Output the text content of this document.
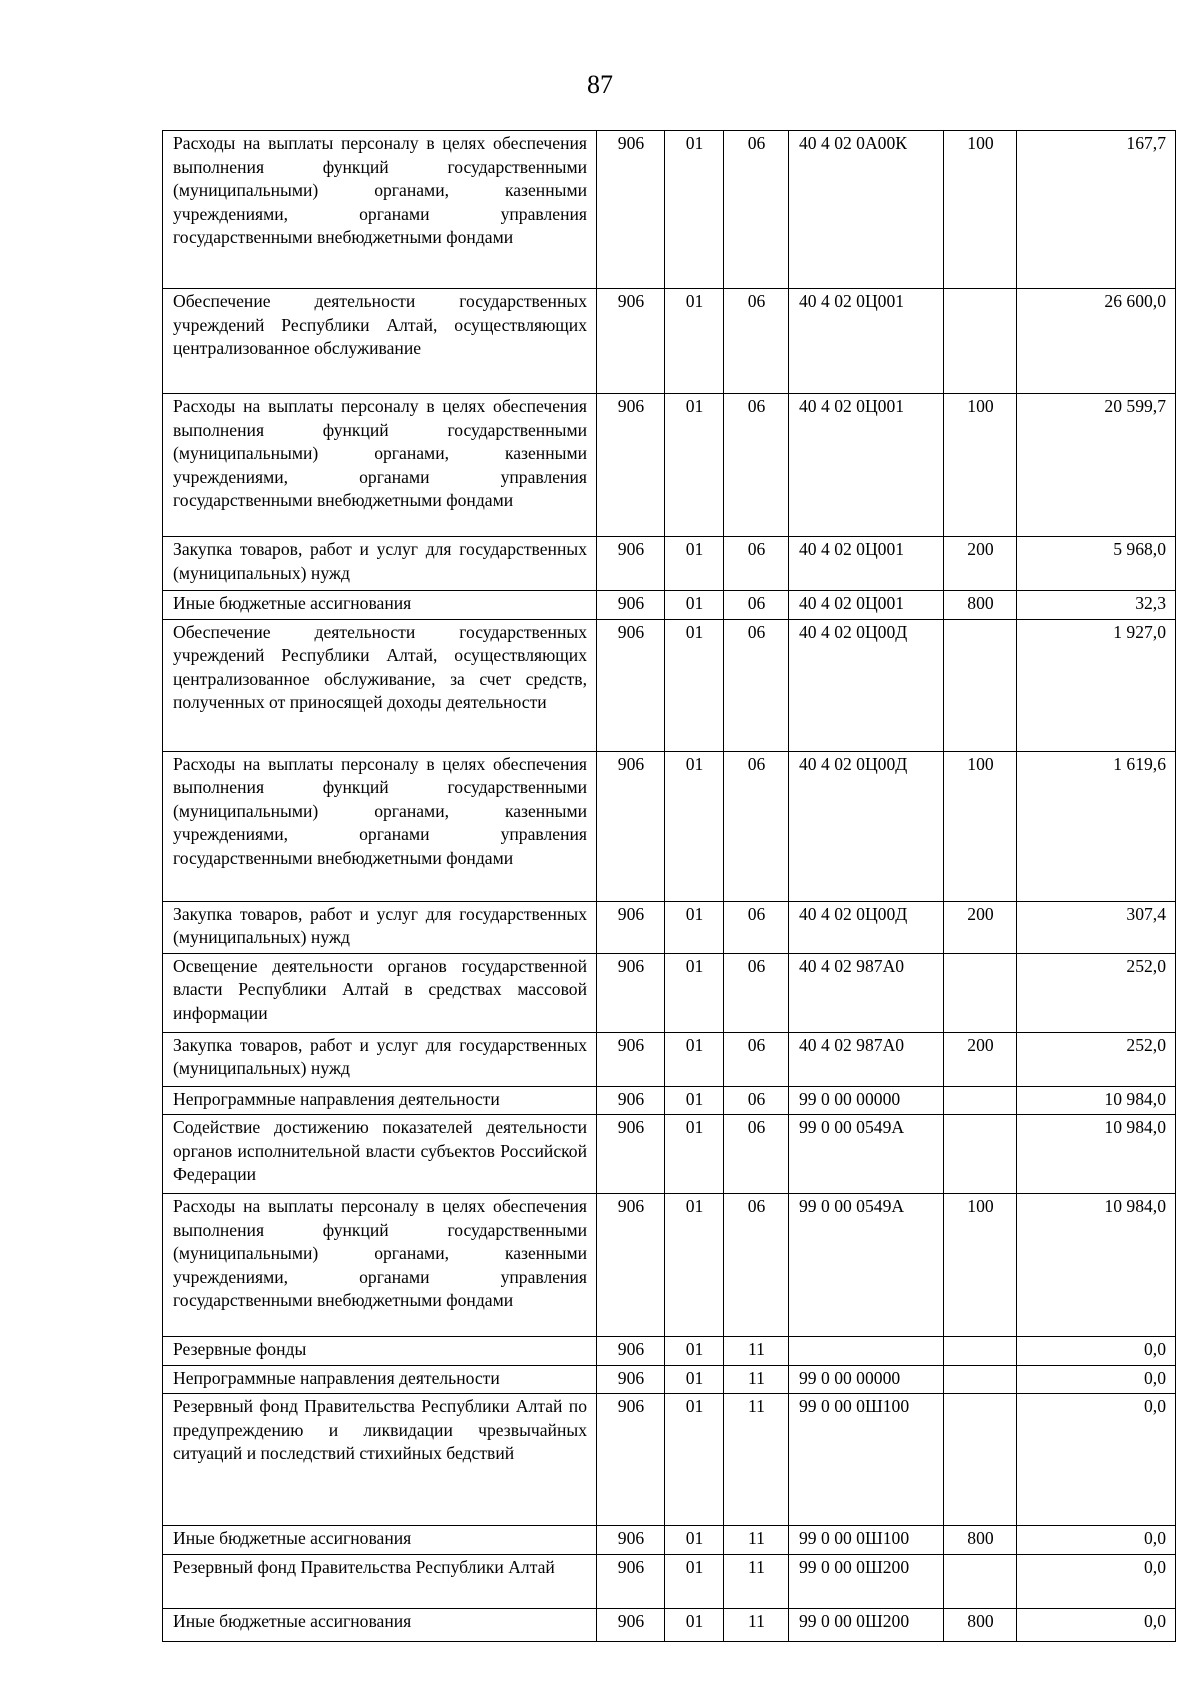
87
Расходы на выплаты персоналу в целях обеспечения выполнения функций государственными (муниципальными) органами, казенными учреждениями, органами управления государственными внебюджетными фондами	906	01	06	40 4 02 0А00К	100	167,7
Обеспечение деятельности государственных учреждений Республики Алтай, осуществляющих централизованное обслуживание	906	01	06	40 4 02 0Ц001		26 600,0
Расходы на выплаты персоналу в целях обеспечения выполнения функций государственными (муниципальными) органами, казенными учреждениями, органами управления государственными внебюджетными фондами	906	01	06	40 4 02 0Ц001	100	20 599,7
Закупка товаров, работ и услуг для государственных (муниципальных) нужд	906	01	06	40 4 02 0Ц001	200	5 968,0
Иные бюджетные ассигнования	906	01	06	40 4 02 0Ц001	800	32,3
Обеспечение деятельности государственных учреждений Республики Алтай, осуществляющих централизованное обслуживание, за счет средств, полученных от приносящей доходы деятельности	906	01	06	40 4 02 0Ц00Д		1 927,0
Расходы на выплаты персоналу в целях обеспечения выполнения функций государственными (муниципальными) органами, казенными учреждениями, органами управления государственными внебюджетными фондами	906	01	06	40 4 02 0Ц00Д	100	1 619,6
Закупка товаров, работ и услуг для государственных (муниципальных) нужд	906	01	06	40 4 02 0Ц00Д	200	307,4
Освещение деятельности органов государственной власти Республики Алтай в средствах массовой информации	906	01	06	40 4 02 987А0		252,0
Закупка товаров, работ и услуг для государственных (муниципальных) нужд	906	01	06	40 4 02 987А0	200	252,0
Непрограммные направления деятельности	906	01	06	99 0 00 00000		10 984,0
Содействие достижению показателей деятельности органов исполнительной власти субъектов Российской Федерации	906	01	06	99 0 00 0549А		10 984,0
Расходы на выплаты персоналу в целях обеспечения выполнения функций государственными (муниципальными) органами, казенными учреждениями, органами управления государственными внебюджетными фондами	906	01	06	99 0 00 0549А	100	10 984,0
Резервные фонды	906	01	11			0,0
Непрограммные направления деятельности	906	01	11	99 0 00 00000		0,0
Резервный фонд Правительства Республики Алтай по предупреждению и ликвидации чрезвычайных ситуаций и последствий стихийных бедствий	906	01	11	99 0 00 0Ш100		0,0
Иные бюджетные ассигнования	906	01	11	99 0 00 0Ш100	800	0,0
Резервный фонд Правительства Республики Алтай	906	01	11	99 0 00 0Ш200		0,0
Иные бюджетные ассигнования	906	01	11	99 0 00 0Ш200	800	0,0
